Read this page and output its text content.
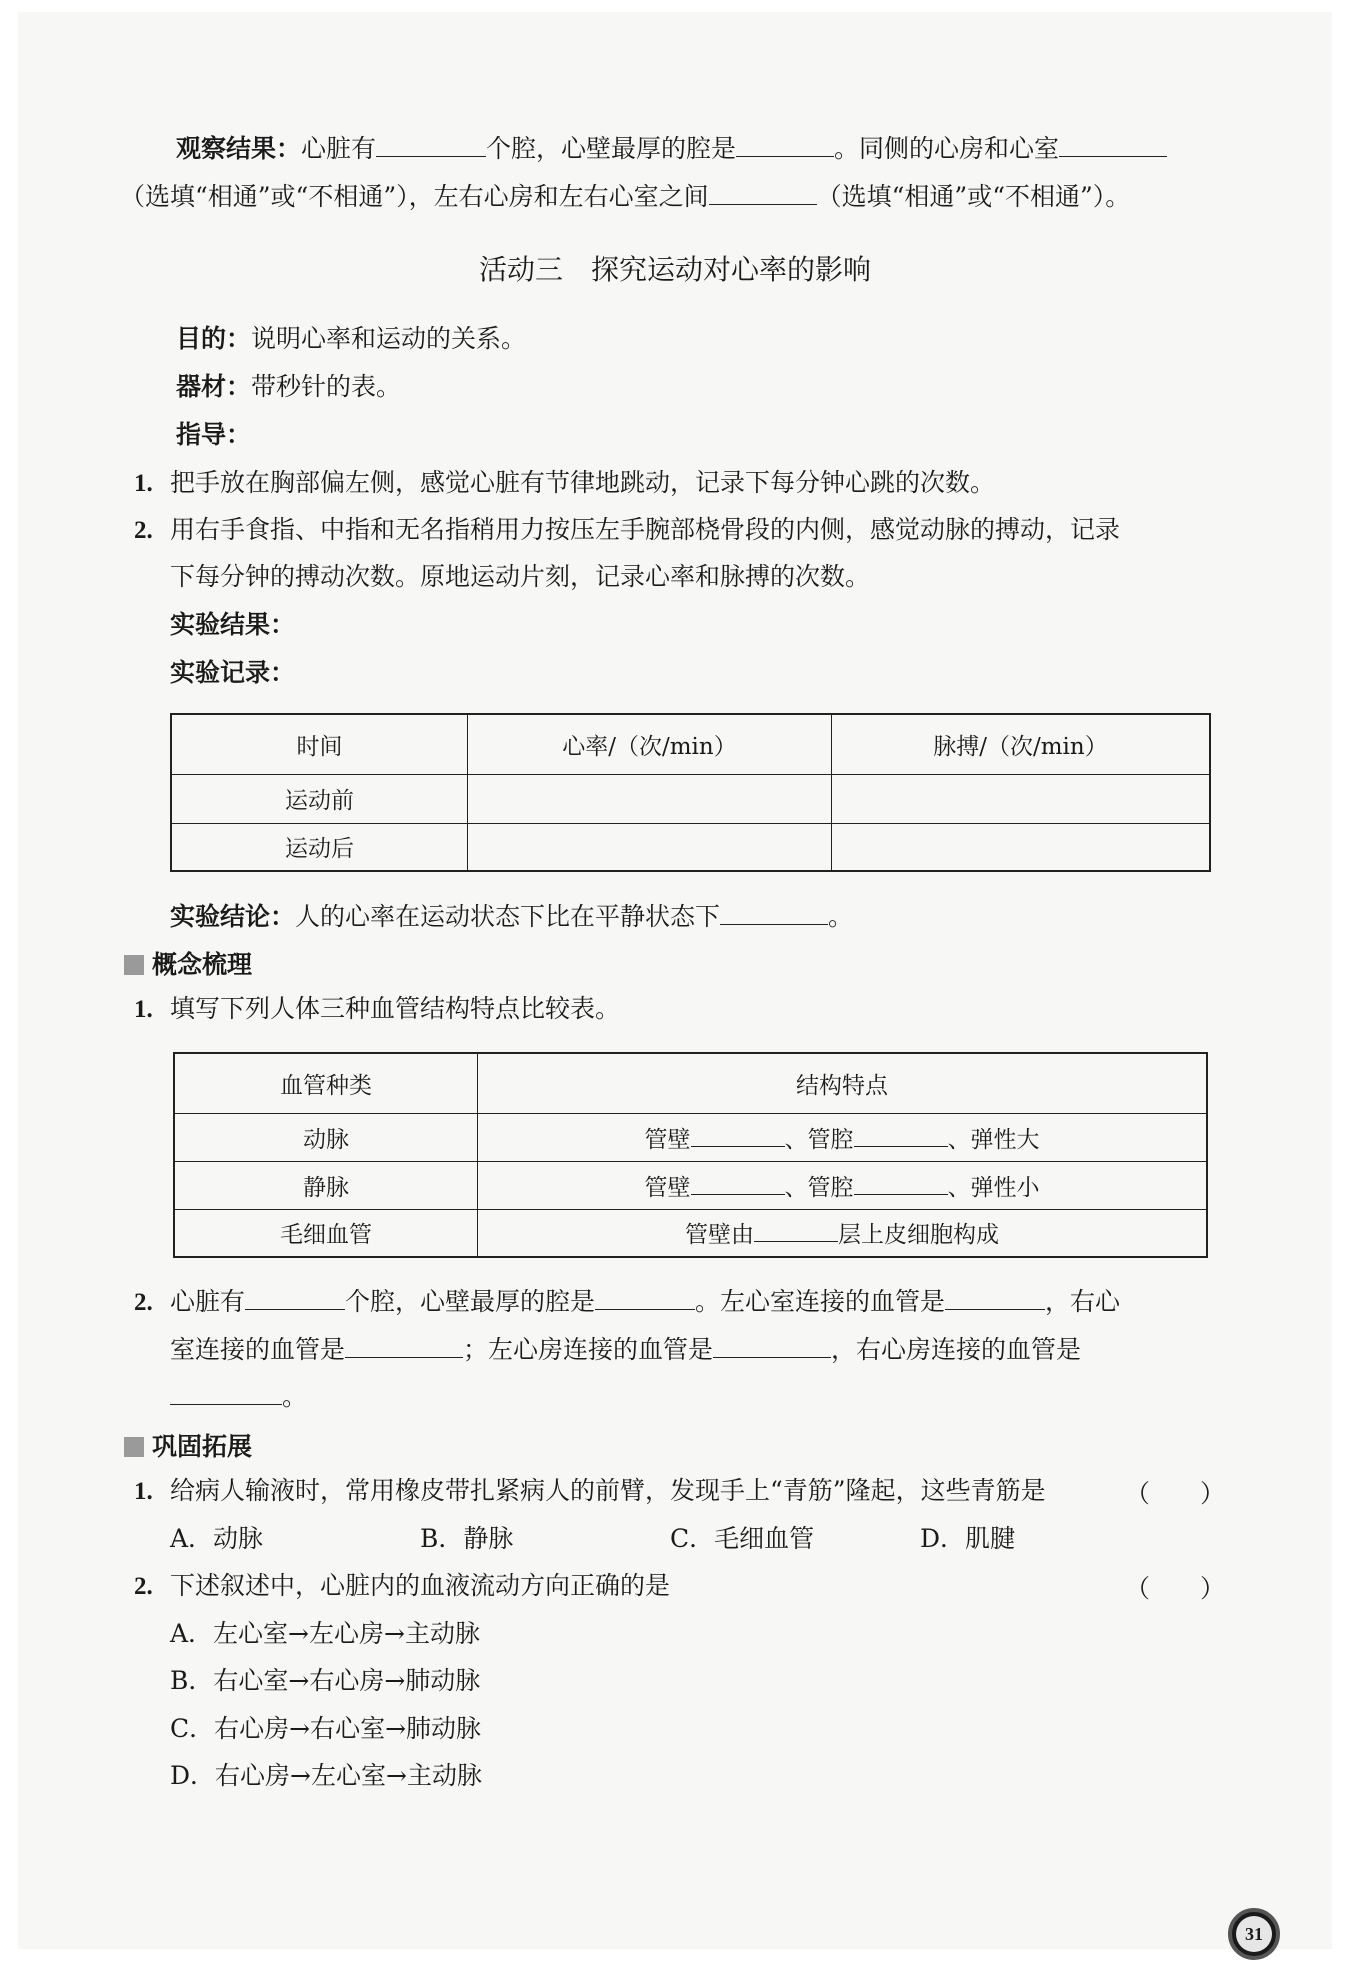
观察结果：心脏有	个腔，心壁最厚的腔是	。同侧的心房和心室
（选填“相通”或“不相通”），左右心房和左右心室之间	（选填“相通”或“不相通”）。
活动三　探究运动对心率的影响
目的：说明心率和运动的关系。
器材：带秒针的表。
指导：
1. 把手放在胸部偏左侧，感觉心脏有节律地跳动，记录下每分钟心跳的次数。
2. 用右手食指、中指和无名指稍用力按压左手腕部桡骨段的内侧，感觉动脉的搏动，记录
下每分钟的搏动次数。原地运动片刻，记录心率和脉搏的次数。
实验结果：
实验记录：
时间	心率/（次/min）	脉搏/（次/min）
运动前		
运动后		
实验结论：人的心率在运动状态下比在平静状态下	。
概念梳理
1. 填写下列人体三种血管结构特点比较表。
血管种类	结构特点
动脉	管壁 、管腔 、弹性大
静脉	管壁 、管腔 、弹性小
毛细血管	管壁由 层上皮细胞构成
2. 心脏有	个腔，心壁最厚的腔是	。左心室连接的血管是	，右心
室连接的血管是	；左心房连接的血管是	，右心房连接的血管是
。
巩固拓展
1. 给病人输液时，常用橡皮带扎紧病人的前臂，发现手上“青筋”隆起，这些青筋是	（　　）
A．动脉	B．静脉	C．毛细血管	D．肌腱
2. 下述叙述中，心脏内的血液流动方向正确的是	（　　）
A．左心室→左心房→主动脉
B．右心室→右心房→肺动脉
C．右心房→右心室→肺动脉
D．右心房→左心室→主动脉
31
